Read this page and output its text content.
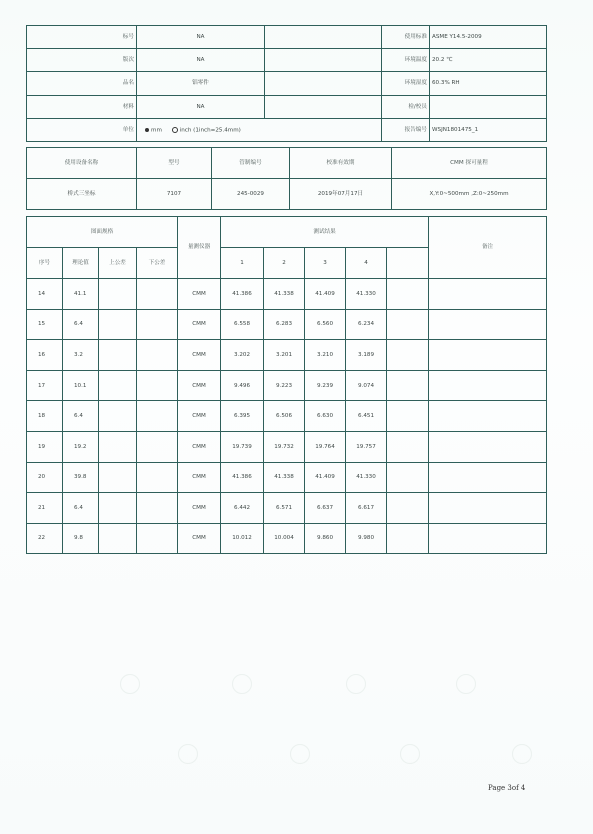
标号	NA		使用标准	ASME Y14.5-2009
版次	NA		环境温度	20.2 ℃
品名	铝零件		环境湿度	60.3% RH
材料	NA		检/校员	
单位	mm inch (1inch=25.4mm)		报告编号	WSJN1801475_1
使用设备名称	型号	管制编号	校准有效期	CMM 探可量程
桥式三坐标	7107	245-0029	2019年07月17日	X,Y:0~500mm ,Z:0~250mm
图面规格				量测仪器	测试结果					备注
序号	理论值	上公差	下公差		1	2	3	4		
14	41.1			CMM	41.386	41.338	41.409	41.330		
15	6.4			CMM	6.558	6.283	6.560	6.234		
16	3.2			CMM	3.202	3.201	3.210	3.189		
17	10.1			CMM	9.496	9.223	9.239	9.074		
18	6.4			CMM	6.395	6.506	6.630	6.451		
19	19.2			CMM	19.739	19.732	19.764	19.757		
20	39.8			CMM	41.386	41.338	41.409	41.330		
21	6.4			CMM	6.442	6.571	6.637	6.617		
22	9.8			CMM	10.012	10.004	9.860	9.980		
Page 3of 4
